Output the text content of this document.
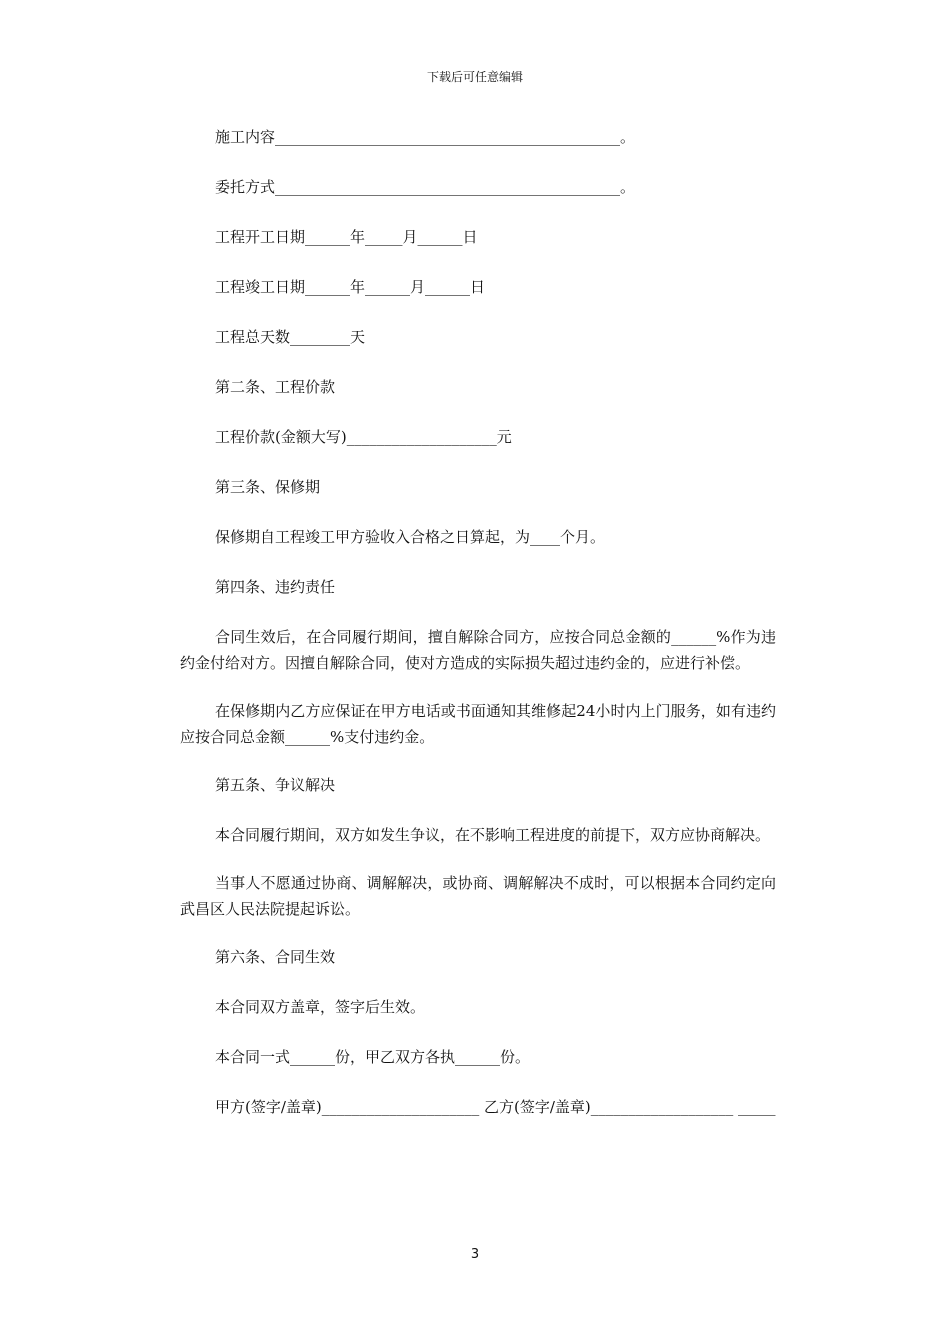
下载后可任意编辑

施工内容______________________________________________。

委托方式______________________________________________。

工程开工日期______年_____月______日

工程竣工日期______年______月______日

工程总天数________天

第二条、工程价款

工程价款(金额大写)____________________元

第三条、保修期

保修期自工程竣工甲方验收入合格之日算起，为____个月。

第四条、违约责任

合同生效后，在合同履行期间，擅自解除合同方，应按合同总金额的______%作为违约金付给对方。因擅自解除合同，使对方造成的实际损失超过违约金的，应进行补偿。

在保修期内乙方应保证在甲方电话或书面通知其维修起24小时内上门服务，如有违约应按合同总金额______%支付违约金。

第五条、争议解决

本合同履行期间，双方如发生争议，在不影响工程进度的前提下，双方应协商解决。

当事人不愿通过协商、调解解决，或协商、调解解决不成时，可以根据本合同约定向武昌区人民法院提起诉讼。

第六条、合同生效

本合同双方盖章，签字后生效。

本合同一式______份，甲乙双方各执______份。

甲方(签字/盖章)_____________________ 乙方(签字/盖章)___________________ _____

3
